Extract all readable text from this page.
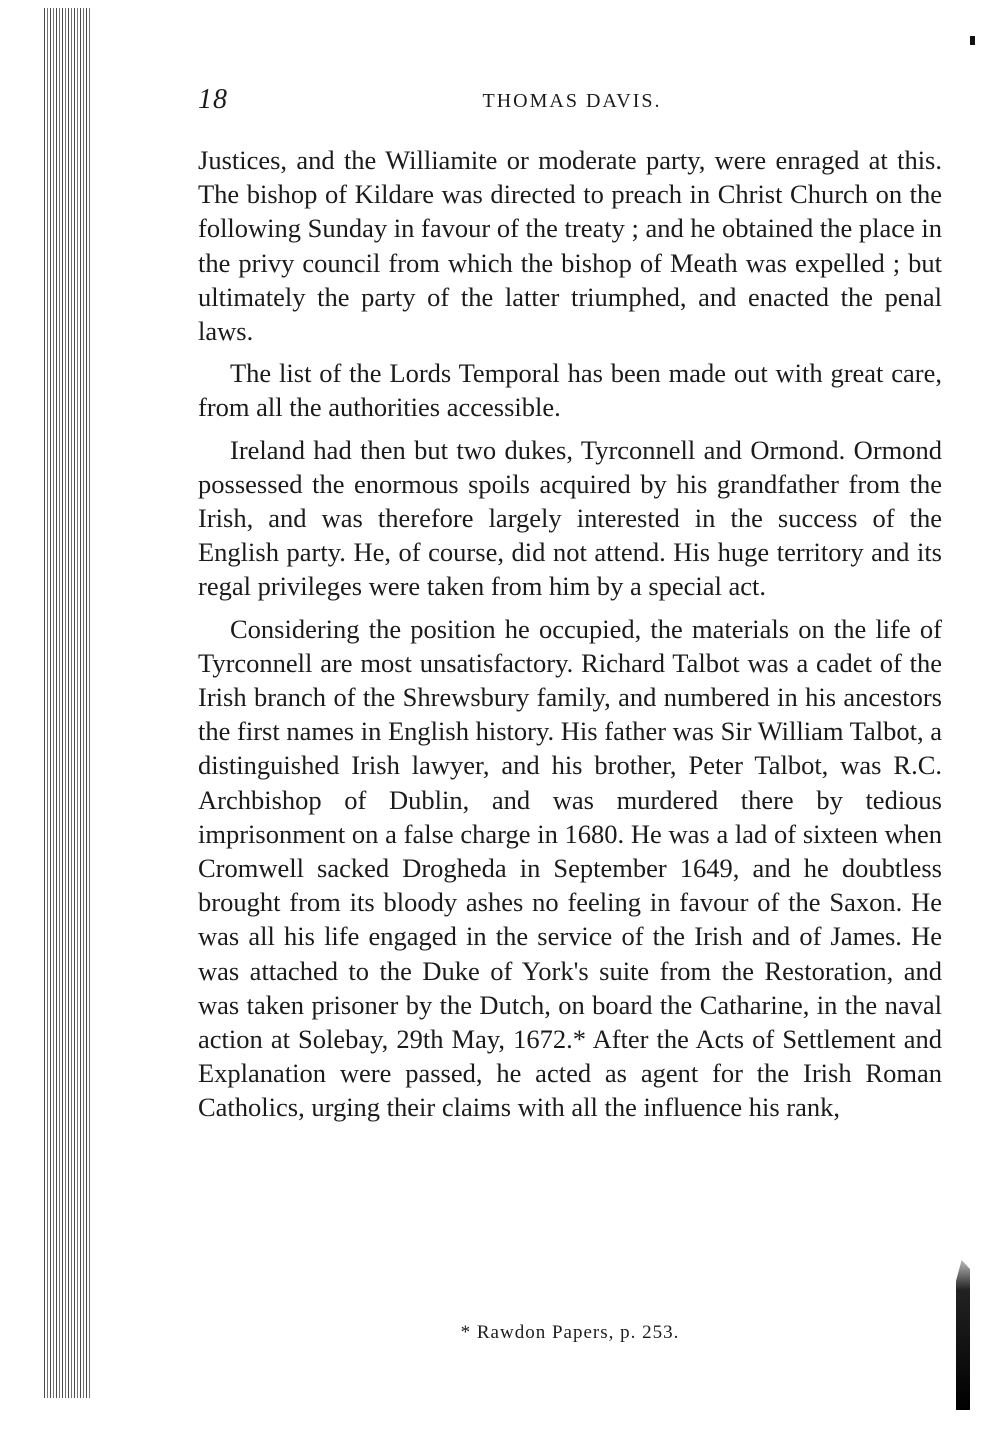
18	THOMAS DAVIS.

Justices, and the Williamite or moderate party, were enraged at this. The bishop of Kildare was directed to preach in Christ Church on the following Sunday in favour of the treaty ; and he obtained the place in the privy council from which the bishop of Meath was expelled ; but ultimately the party of the latter triumphed, and enacted the penal laws.

The list of the Lords Temporal has been made out with great care, from all the authorities accessible.

Ireland had then but two dukes, Tyrconnell and Ormond. Ormond possessed the enormous spoils acquired by his grandfather from the Irish, and was therefore largely interested in the success of the English party. He, of course, did not attend. His huge territory and its regal privileges were taken from him by a special act.

Considering the position he occupied, the materials on the life of Tyrconnell are most unsatisfactory. Richard Talbot was a cadet of the Irish branch of the Shrewsbury family, and numbered in his ancestors the first names in English history. His father was Sir William Talbot, a distinguished Irish lawyer, and his brother, Peter Talbot, was R.C. Archbishop of Dublin, and was murdered there by tedious imprisonment on a false charge in 1680. He was a lad of sixteen when Cromwell sacked Drogheda in September 1649, and he doubtless brought from its bloody ashes no feeling in favour of the Saxon. He was all his life engaged in the service of the Irish and of James. He was attached to the Duke of York's suite from the Restoration, and was taken prisoner by the Dutch, on board the Catharine, in the naval action at Solebay, 29th May, 1672.* After the Acts of Settlement and Explanation were passed, he acted as agent for the Irish Roman Catholics, urging their claims with all the influence his rank,

* Rawdon Papers, p. 253.
